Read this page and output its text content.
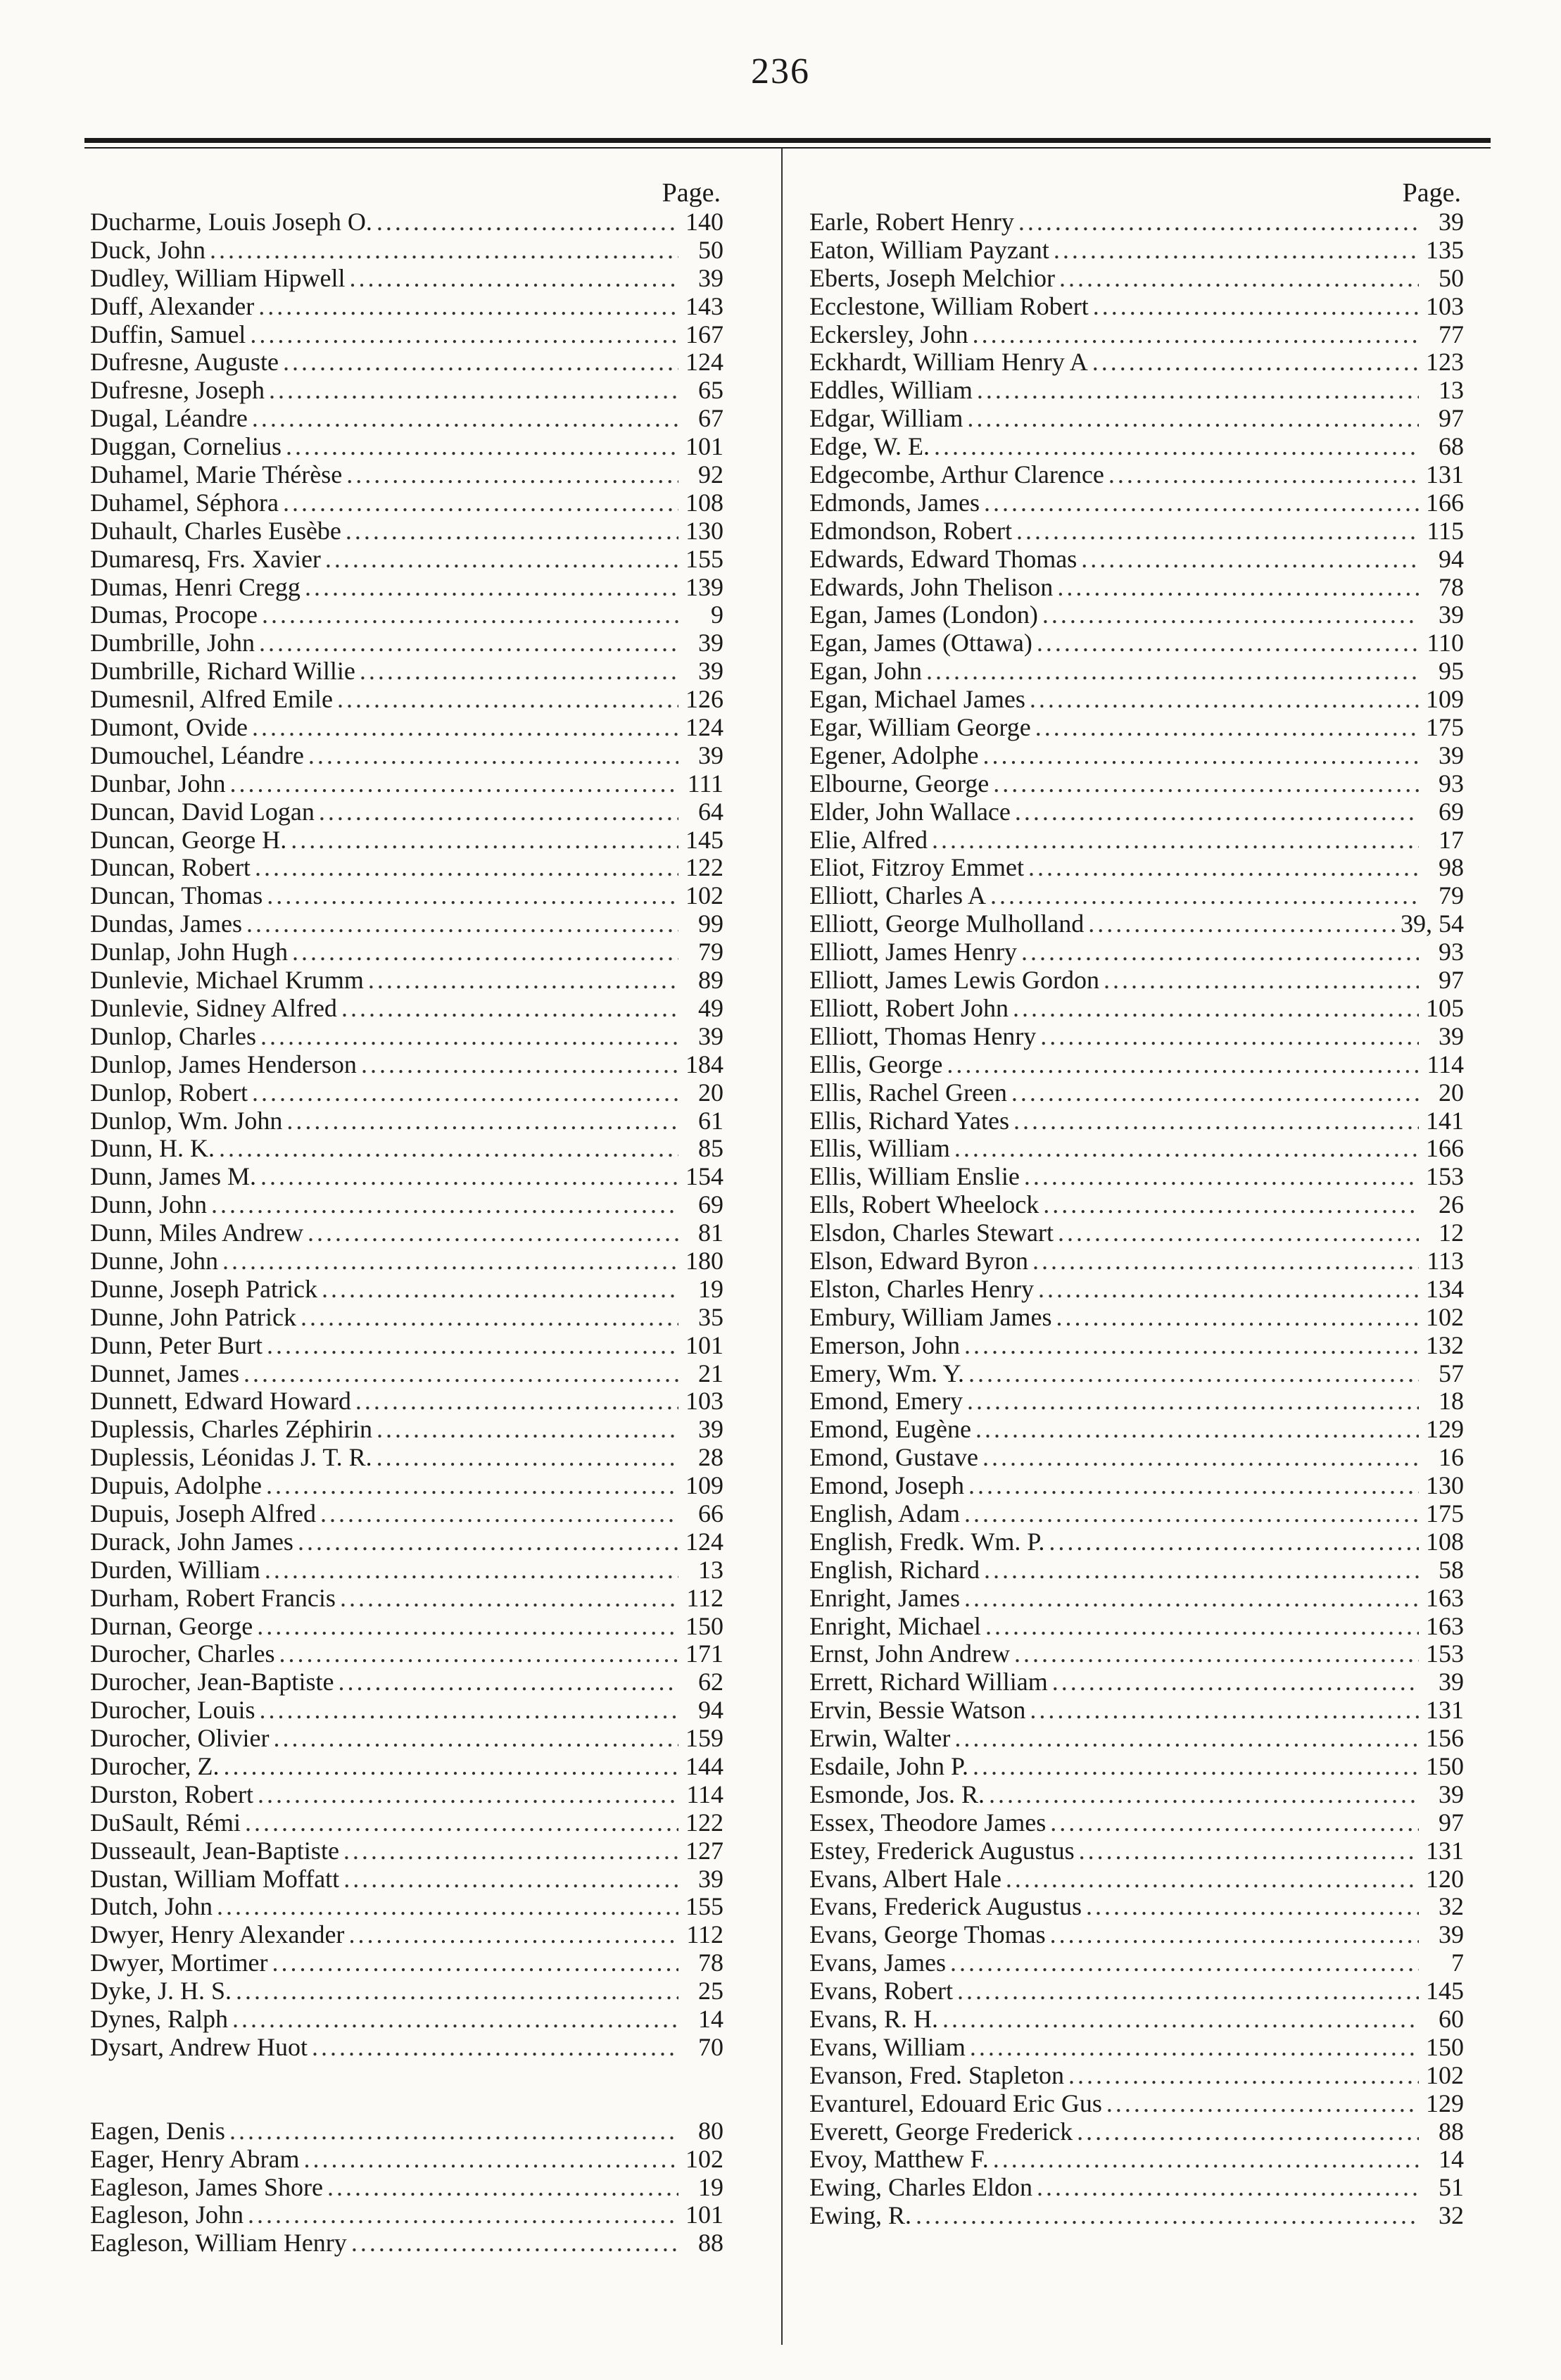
236
Page.
Ducharme, Louis Joseph O. .....	140
Duck, John .....	50
Dudley, William Hipwell .....	39
Duff, Alexander .....	143
Duffin, Samuel .....	167
Dufresne, Auguste .....	124
Dufresne, Joseph .....	65
Dugal, Léandre .....	67
Duggan, Cornelius .....	101
Duhamel, Marie Thérèse .....	92
Duhamel, Séphora .....	108
Duhault, Charles Eusèbe .....	130
Dumaresq, Frs. Xavier .....	155
Dumas, Henri Cregg .....	139
Dumas, Procope .....	9
Dumbrille, John .....	39
Dumbrille, Richard Willie .....	39
Dumesnil, Alfred Emile .....	126
Dumont, Ovide .....	124
Dumouchel, Léandre .....	39
Dunbar, John .....	111
Duncan, David Logan .....	64
Duncan, George H. .....	145
Duncan, Robert .....	122
Duncan, Thomas .....	102
Dundas, James .....	99
Dunlap, John Hugh .....	79
Dunlevie, Michael Krumm .....	89
Dunlevie, Sidney Alfred .....	49
Dunlop, Charles .....	39
Dunlop, James Henderson .....	184
Dunlop, Robert .....	20
Dunlop, Wm. John .....	61
Dunn, H. K. .....	85
Dunn, James M. .....	154
Dunn, John .....	69
Dunn, Miles Andrew .....	81
Dunne, John .....	180
Dunne, Joseph Patrick .....	19
Dunne, John Patrick .....	35
Dunn, Peter Burt .....	101
Dunnet, James .....	21
Dunnett, Edward Howard .....	103
Duplessis, Charles Zéphirin .....	39
Duplessis, Léonidas J. T. R. .....	28
Dupuis, Adolphe .....	109
Dupuis, Joseph Alfred .....	66
Durack, John James .....	124
Durden, William .....	13
Durham, Robert Francis .....	112
Durnan, George .....	150
Durocher, Charles .....	171
Durocher, Jean-Baptiste .....	62
Durocher, Louis .....	94
Durocher, Olivier .....	159
Durocher, Z. .....	144
Durston, Robert .....	114
DuSault, Rémi .....	122
Dusseault, Jean-Baptiste .....	127
Dustan, William Moffatt .....	39
Dutch, John .....	155
Dwyer, Henry Alexander .....	112
Dwyer, Mortimer .....	78
Dyke, J. H. S. .....	25
Dynes, Ralph .....	14
Dysart, Andrew Huot .....	70
Eagen, Denis .....	80
Eager, Henry Abram .....	102
Eagleson, James Shore .....	19
Eagleson, John .....	101
Eagleson, William Henry .....	88
Page.
Earle, Robert Henry .....	39
Eaton, William Payzant .....	135
Eberts, Joseph Melchior .....	50
Ecclestone, William Robert .....	103
Eckersley, John .....	77
Eckhardt, William Henry A .....	123
Eddles, William .....	13
Edgar, William .....	97
Edge, W. E. .....	68
Edgecombe, Arthur Clarence .....	131
Edmonds, James .....	166
Edmondson, Robert .....	115
Edwards, Edward Thomas .....	94
Edwards, John Thelison .....	78
Egan, James (London) .....	39
Egan, James (Ottawa) .....	110
Egan, John .....	95
Egan, Michael James .....	109
Egar, William George .....	175
Egener, Adolphe .....	39
Elbourne, George .....	93
Elder, John Wallace .....	69
Elie, Alfred .....	17
Eliot, Fitzroy Emmet .....	98
Elliott, Charles A .....	79
Elliott, George Mulholland .....	39, 54
Elliott, James Henry .....	93
Elliott, James Lewis Gordon .....	97
Elliott, Robert John .....	105
Elliott, Thomas Henry .....	39
Ellis, George .....	114
Ellis, Rachel Green .....	20
Ellis, Richard Yates .....	141
Ellis, William .....	166
Ellis, William Enslie .....	153
Ells, Robert Wheelock .....	26
Elsdon, Charles Stewart .....	12
Elson, Edward Byron .....	113
Elston, Charles Henry .....	134
Embury, William James .....	102
Emerson, John .....	132
Emery, Wm. Y. .....	57
Emond, Emery .....	18
Emond, Eugène .....	129
Emond, Gustave .....	16
Emond, Joseph .....	130
English, Adam .....	175
English, Fredk. Wm. P. .....	108
English, Richard .....	58
Enright, James .....	163
Enright, Michael .....	163
Ernst, John Andrew .....	153
Errett, Richard William .....	39
Ervin, Bessie Watson .....	131
Erwin, Walter .....	156
Esdaile, John P. .....	150
Esmonde, Jos. R. .....	39
Essex, Theodore James .....	97
Estey, Frederick Augustus .....	131
Evans, Albert Hale .....	120
Evans, Frederick Augustus .....	32
Evans, George Thomas .....	39
Evans, James .....	7
Evans, Robert .....	145
Evans, R. H. .....	60
Evans, William .....	150
Evanson, Fred. Stapleton .....	102
Evanturel, Edouard Eric Gus .....	129
Everett, George Frederick .....	88
Evoy, Matthew F. .....	14
Ewing, Charles Eldon .....	51
Ewing, R. .....	32
